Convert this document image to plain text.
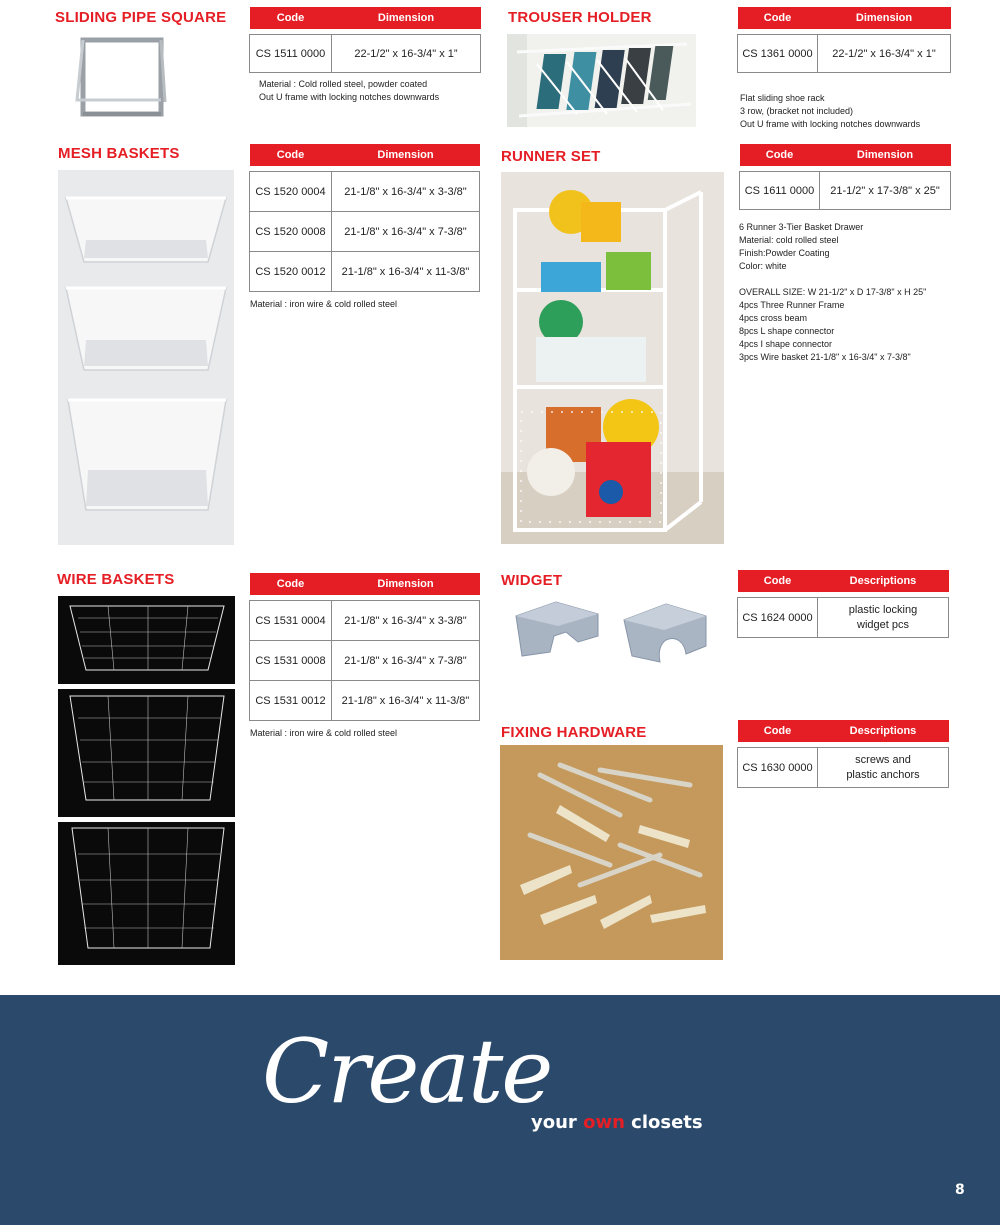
SLIDING PIPE SQUARE	Code	Dimension

CS 1511 0000	22-1/2" x 16-3/4" x 1”
Material : Cold rolled steel, powder coated
Out U frame with locking notches downwards
TROUSER HOLDER	Code	Dimension

CS 1361 0000	22-1/2" x 16-3/4" x 1"
Flat sliding shoe rack
3 row, (bracket not included)
Out U frame with locking notches downwards
MESH BASKETS	Code	Dimension

CS 1520 0004	21-1/8" x 16-3/4" x 3-3/8"
CS 1520 0008	21-1/8" x 16-3/4" x 7-3/8"
CS 1520 0012	21-1/8" x 16-3/4" x 11-3/8"
Material : iron wire & cold rolled steel
RUNNER SET	Code	Dimension

CS 1611 0000	21-1/2" x 17-3/8" x 25"
6 Runner 3-Tier Basket Drawer
Material: cold rolled steel
Finish:Powder Coating
Color: white

OVERALL SIZE: W 21-1/2" x D 17-3/8" x H 25"
4pcs Three Runner Frame
4pcs cross beam
8pcs L shape connector
4pcs I shape connector
3pcs Wire basket 21-1/8" x 16-3/4" x 7-3/8"
WIRE BASKETS	Code	Dimension

CS 1531 0004	21-1/8" x 16-3/4" x 3-3/8"
CS 1531 0008	21-1/8" x 16-3/4" x 7-3/8"
CS 1531 0012	21-1/8" x 16-3/4" x 11-3/8"
Material : iron wire & cold rolled steel
WIDGET	Code	Descriptions

CS 1624 0000	plastic locking
widget pcs
FIXING HARDWARE	Code	Descriptions

CS 1630 0000	screws and
plastic anchors
Create
your own closets
8
